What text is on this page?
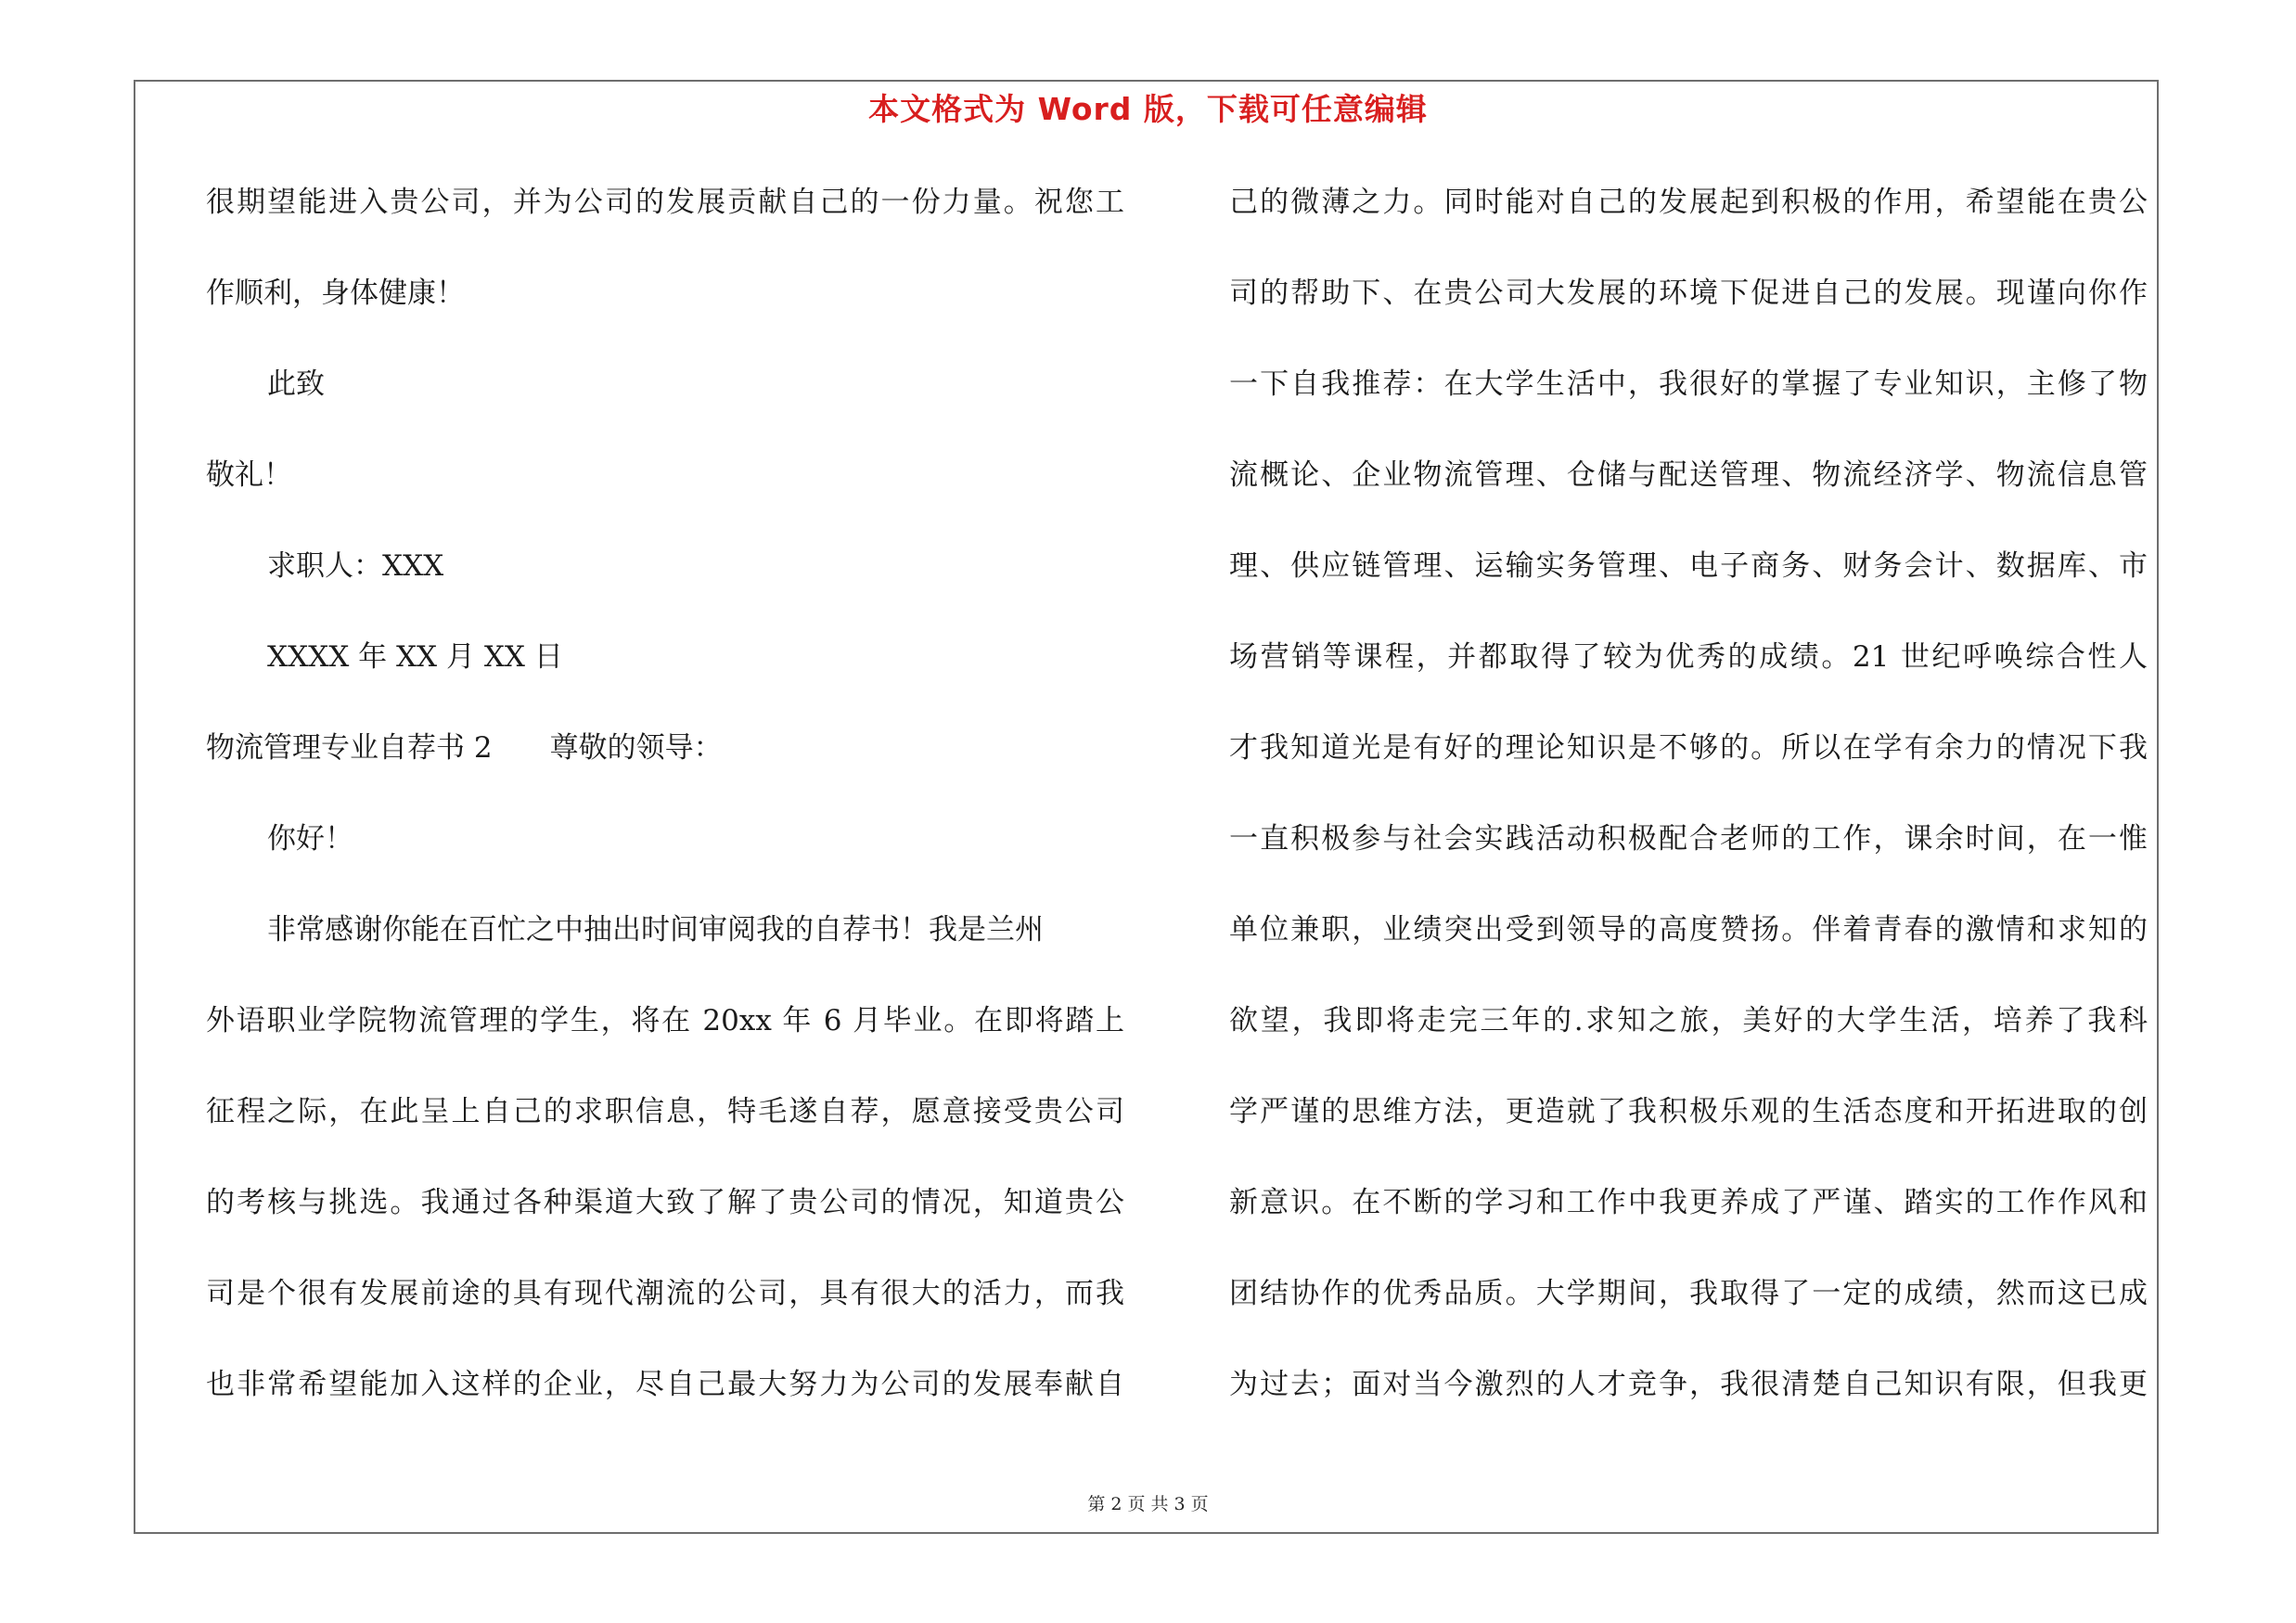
本文格式为 Word 版，下载可任意编辑
很期望能进入贵公司，并为公司的发展贡献自己的一份力量。祝您工
作顺利，身体健康！
此致
敬礼！
求职人：XXX
XXXX 年 XX 月 XX 日
物流管理专业自荐书 2　　尊敬的领导：
你好！
非常感谢你能在百忙之中抽出时间审阅我的自荐书！我是兰州
外语职业学院物流管理的学生，将在 20xx 年 6 月毕业。在即将踏上
征程之际，在此呈上自己的求职信息，特毛遂自荐，愿意接受贵公司
的考核与挑选。我通过各种渠道大致了解了贵公司的情况，知道贵公
司是个很有发展前途的具有现代潮流的公司，具有很大的活力，而我
也非常希望能加入这样的企业，尽自己最大努力为公司的发展奉献自
己的微薄之力。同时能对自己的发展起到积极的作用，希望能在贵公
司的帮助下、在贵公司大发展的环境下促进自己的发展。现谨向你作
一下自我推荐：在大学生活中，我很好的掌握了专业知识，主修了物
流概论、企业物流管理、仓储与配送管理、物流经济学、物流信息管
理、供应链管理、运输实务管理、电子商务、财务会计、数据库、市
场营销等课程，并都取得了较为优秀的成绩。21 世纪呼唤综合性人
才我知道光是有好的理论知识是不够的。所以在学有余力的情况下我
一直积极参与社会实践活动积极配合老师的工作，课余时间，在一惟
单位兼职，业绩突出受到领导的高度赞扬。伴着青春的激情和求知的
欲望，我即将走完三年的.求知之旅，美好的大学生活，培养了我科
学严谨的思维方法，更造就了我积极乐观的生活态度和开拓进取的创
新意识。在不断的学习和工作中我更养成了严谨、踏实的工作作风和
团结协作的优秀品质。大学期间，我取得了一定的成绩，然而这已成
为过去；面对当今激烈的人才竞争，我很清楚自己知识有限，但我更
第 2 页 共 3 页
